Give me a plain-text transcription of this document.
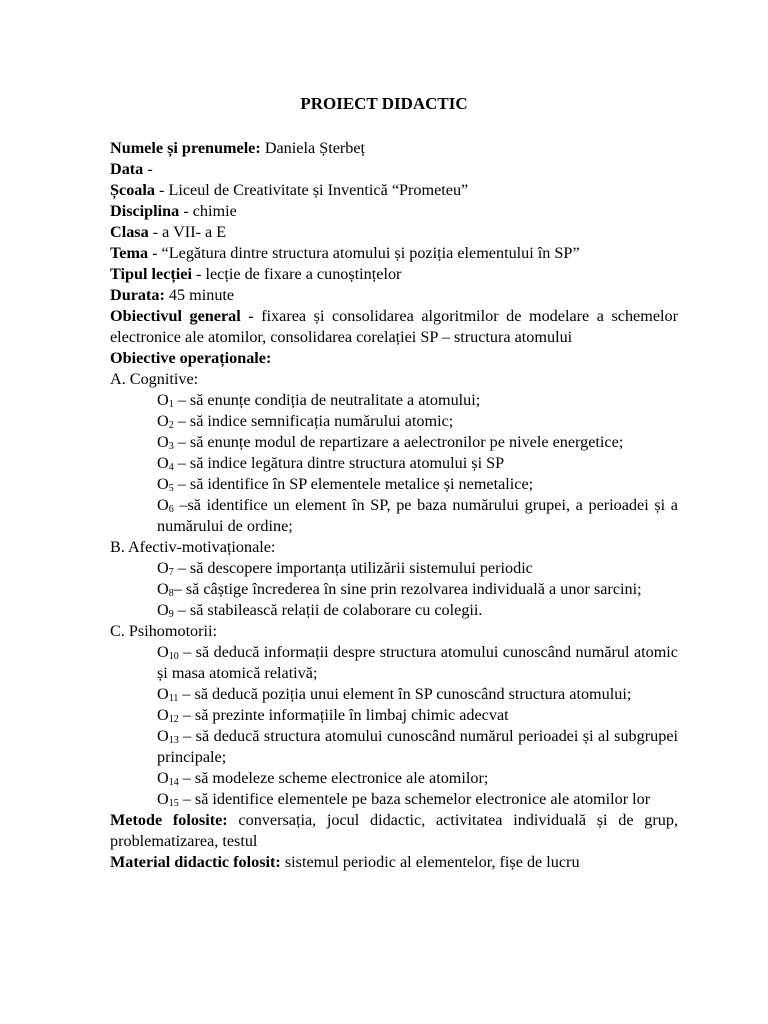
PROIECT DIDACTIC
Numele și prenumele: Daniela Șterbeț
Data -
Școala - Liceul de Creativitate și Inventică “Prometeu”
Disciplina - chimie
Clasa - a VII- a E
Tema - “Legătura dintre structura atomului și poziția elementului în SP”
Tipul lecției - lecție de fixare a cunoștințelor
Durata: 45 minute
Obiectivul general - fixarea și consolidarea algoritmilor de modelare a schemelor electronice ale atomilor, consolidarea corelației SP – structura atomului
Obiective operaționale:
A. Cognitive:
$O_1$ – să enunțe condiția de neutralitate a atomului;
$O_2$ – să indice semnificația numărului atomic;
$O_3$ – să enunțe modul de repartizare a aelectronilor pe nivele energetice;
$O_4$ – să indice legătura dintre structura atomului și SP
$O_5$ – să identifice în SP elementele metalice și nemetalice;
$O_6$ –să identifice un element în SP, pe baza numărului grupei, a perioadei și a numărului de ordine;
B. Afectiv-motivaționale:
$O_7$ – să descopere importanța utilizării sistemului periodic
$O_8-$ să câștige încrederea în sine prin rezolvarea individuală a unor sarcini;
$O_9$ – să stabilească relații de colaborare cu colegii.
C. Psihomotorii:
$O_{10}$ – să deducă informații despre structura atomului cunoscând numărul atomic și masa atomică relativă;
$O_{11}$ – să deducă poziția unui element în SP cunoscând structura atomului;
$O_{12}$ – să prezinte informațiile în limbaj chimic adecvat
$O_{13}$ – să deducă structura atomului cunoscând numărul perioadei și al subgrupei principale;
$O_{14}$ – să modeleze scheme electronice ale atomilor;
$O_{15}$ – să identifice elementele pe baza schemelor electronice ale atomilor lor
Metode folosite: conversația, jocul didactic, activitatea individuală și de grup, problematizarea, testul
Material didactic folosit: sistemul periodic al elementelor, fișe de lucru
